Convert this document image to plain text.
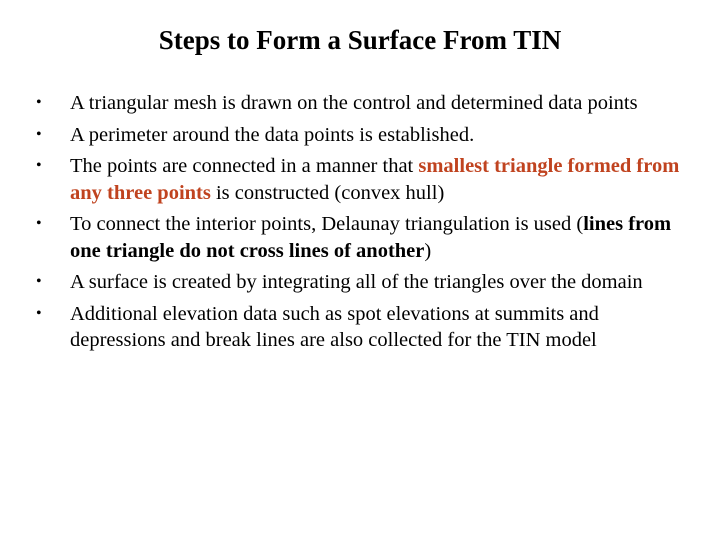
Steps to Form a Surface From TIN
• A triangular mesh is drawn on the control and determined data points
• A perimeter around the data points is established.
• The points are connected in a manner that smallest triangle formed from any three points is constructed (convex hull)
• To connect the interior points, Delaunay triangulation is used (lines from one triangle do not cross lines of another)
• A surface is created by integrating all of the triangles over the domain
• Additional elevation data such as spot elevations at summits and depressions and break lines are also collected for the TIN model
